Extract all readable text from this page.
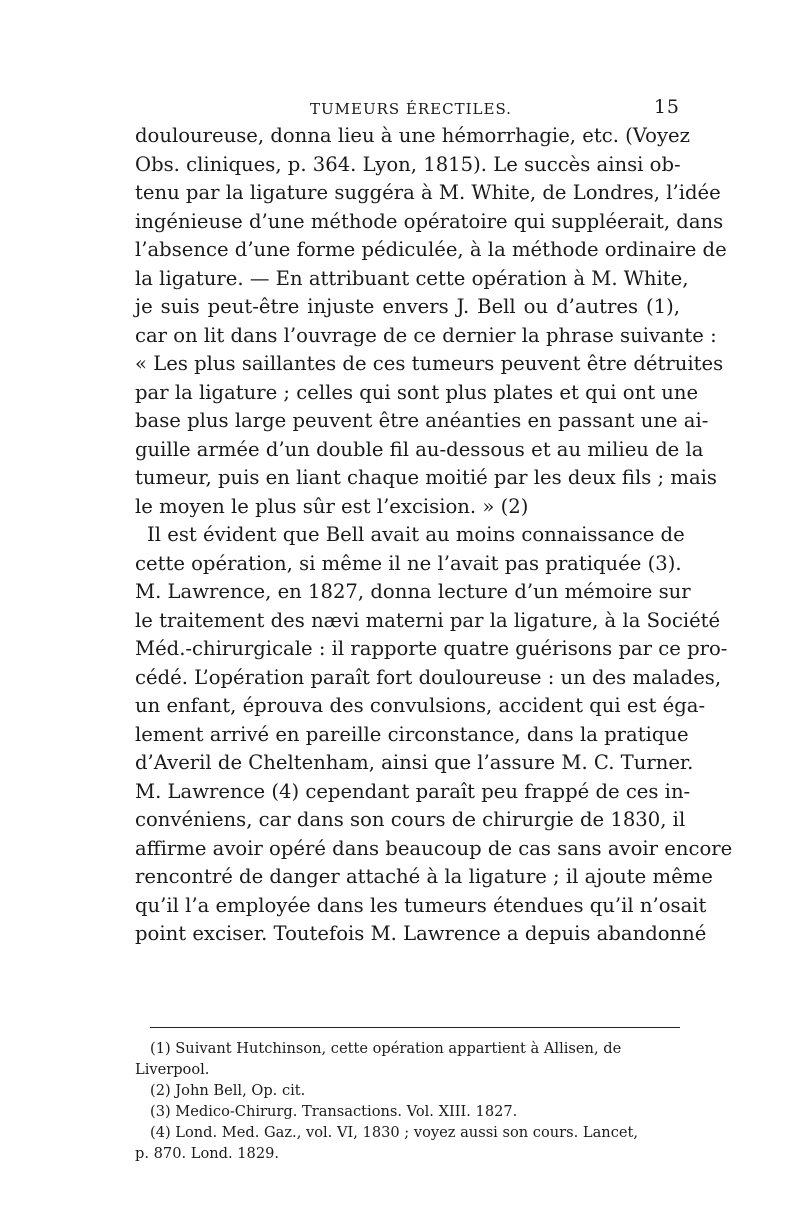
TUMEURS ÉRECTILES.	15
douloureuse, donna lieu à une hémorrhagie, etc. (Voyez
Obs. cliniques, p. 364. Lyon, 1815). Le succès ainsi ob-
tenu par la ligature suggéra à M. White, de Londres, l’idée
ingénieuse d’une méthode opératoire qui suppléerait, dans
l’absence d’une forme pédiculée, à la méthode ordinaire de
la ligature. — En attribuant cette opération à M. White,
je suis peut-être injuste envers J. Bell ou d’autres (1),
car on lit dans l’ouvrage de ce dernier la phrase suivante :
« Les plus saillantes de ces tumeurs peuvent être détruites
par la ligature ; celles qui sont plus plates et qui ont une
base plus large peuvent être anéanties en passant une ai-
guille armée d’un double fil au-dessous et au milieu de la
tumeur, puis en liant chaque moitié par les deux fils ; mais
le moyen le plus sûr est l’excision. » (2)
Il est évident que Bell avait au moins connaissance de
cette opération, si même il ne l’avait pas pratiquée (3).
M. Lawrence, en 1827, donna lecture d’un mémoire sur
le traitement des nævi materni par la ligature, à la Société
Méd.-chirurgicale : il rapporte quatre guérisons par ce pro-
cédé. L’opération paraît fort douloureuse : un des malades,
un enfant, éprouva des convulsions, accident qui est éga-
lement arrivé en pareille circonstance, dans la pratique
d’Averil de Cheltenham, ainsi que l’assure M. C. Turner.
M. Lawrence (4) cependant paraît peu frappé de ces in-
convéniens, car dans son cours de chirurgie de 1830, il
affirme avoir opéré dans beaucoup de cas sans avoir encore
rencontré de danger attaché à la ligature ; il ajoute même
qu’il l’a employée dans les tumeurs étendues qu’il n’osait
point exciser. Toutefois M. Lawrence a depuis abandonné
(1) Suivant Hutchinson, cette opération appartient à Allisen, de
Liverpool.
(2) John Bell, Op. cit.
(3) Medico-Chirurg. Transactions. Vol. XIII. 1827.
(4) Lond. Med. Gaz., vol. VI, 1830 ; voyez aussi son cours. Lancet,
p. 870. Lond. 1829.
